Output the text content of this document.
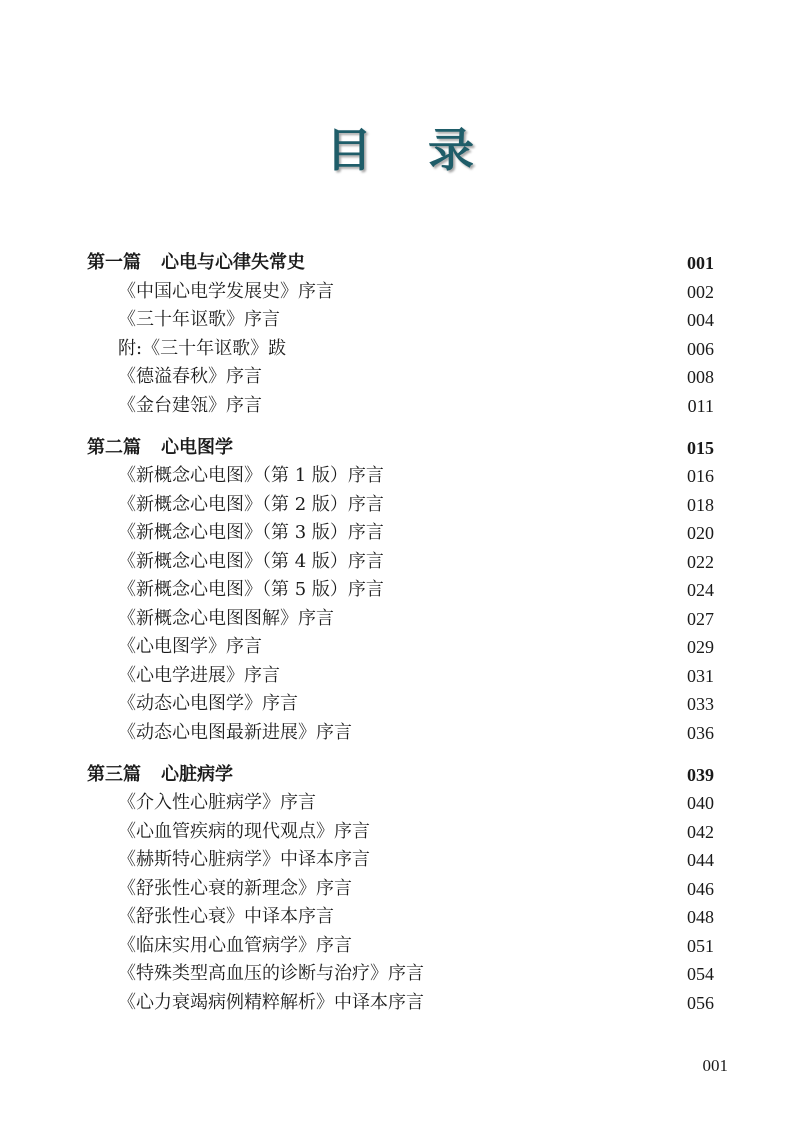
目 录
第一篇 心电与心律失常史	001
《中国心电学发展史》序言	002
《三十年讴歌》序言	004
附:《三十年讴歌》跋	006
《德溢春秋》序言	008
《金台建瓴》序言	011
第二篇 心电图学	015
《新概念心电图》（第 1 版）序言	016
《新概念心电图》（第 2 版）序言	018
《新概念心电图》（第 3 版）序言	020
《新概念心电图》（第 4 版）序言	022
《新概念心电图》（第 5 版）序言	024
《新概念心电图图解》序言	027
《心电图学》序言	029
《心电学进展》序言	031
《动态心电图学》序言	033
《动态心电图最新进展》序言	036
第三篇 心脏病学	039
《介入性心脏病学》序言	040
《心血管疾病的现代观点》序言	042
《赫斯特心脏病学》中译本序言	044
《舒张性心衰的新理念》序言	046
《舒张性心衰》中译本序言	048
《临床实用心血管病学》序言	051
《特殊类型高血压的诊断与治疗》序言	054
《心力衰竭病例精粹解析》中译本序言	056
001
